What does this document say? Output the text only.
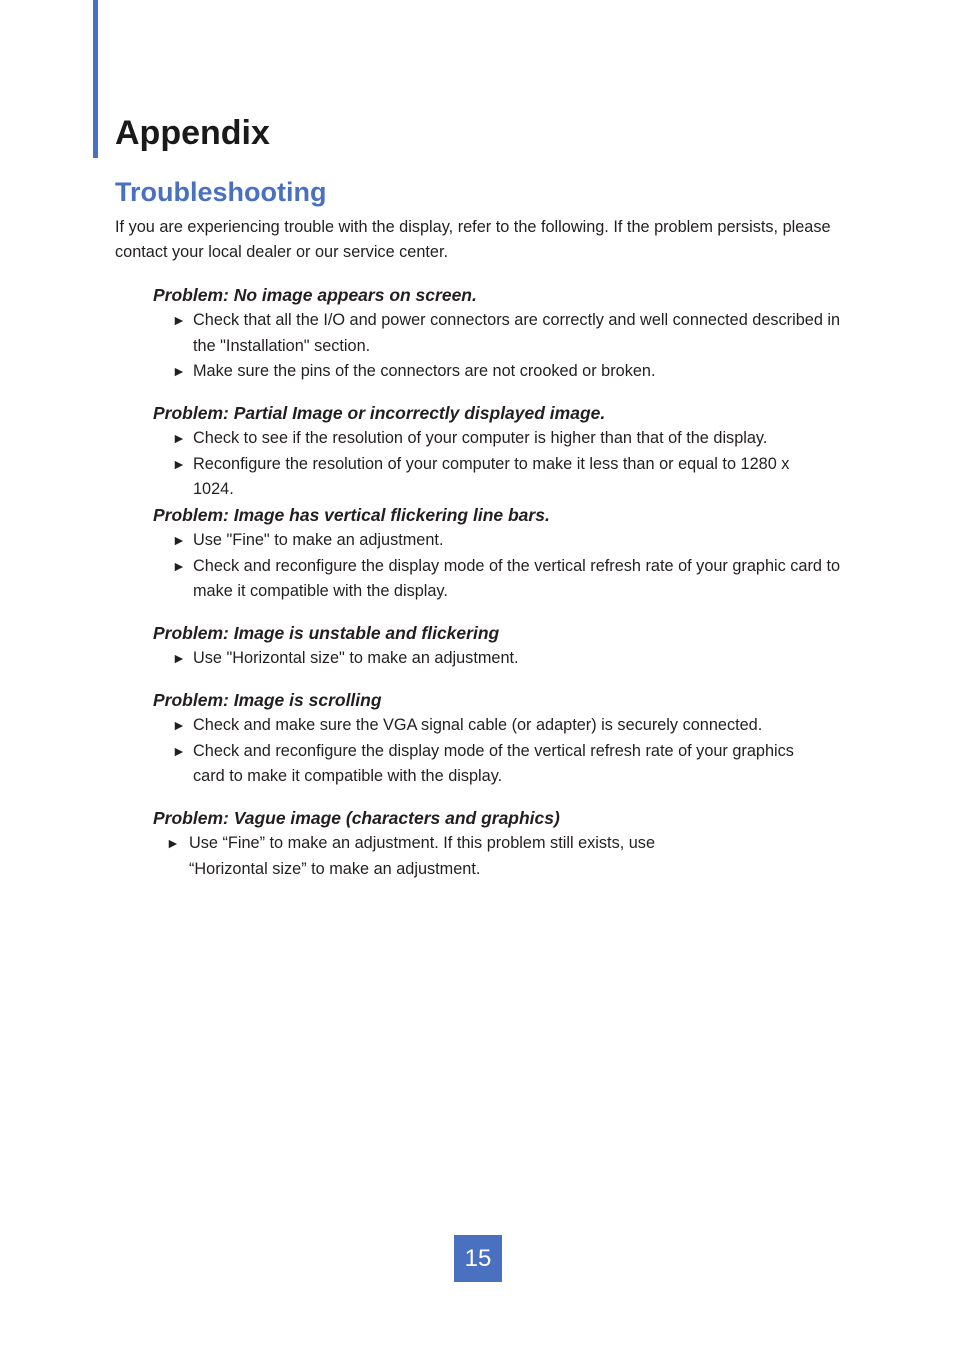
Appendix
Troubleshooting

If you are experiencing trouble with the display, refer to the following. If the problem persists, please contact your local dealer or our service center.

Problem: No image appears on screen.

► Check that all the I/O and power connectors are correctly and well connected described in the "Installation" section.

► Make sure the pins of the connectors are not crooked or broken.

Problem: Partial Image or incorrectly displayed image.

► Check to see if the resolution of your computer is higher than that of the display.

► Reconfigure the resolution of your computer to make it less than or equal to 1280 x 1024.

Problem: Image has vertical flickering line bars.

► Use "Fine" to make an adjustment.

► Check and reconfigure the display mode of the vertical refresh rate of your graphic card to make it compatible with the display.

Problem: Image is unstable and flickering

► Use "Horizontal size" to make an adjustment.

Problem: Image is scrolling

► Check and make sure the VGA signal cable (or adapter) is securely connected.

► Check and reconfigure the display mode of the vertical refresh rate of your graphics card to make it compatible with the display.

Problem: Vague image (characters and graphics)

► Use “Fine” to make an adjustment. If this problem still exists, use “Horizontal size” to make an adjustment.

15
